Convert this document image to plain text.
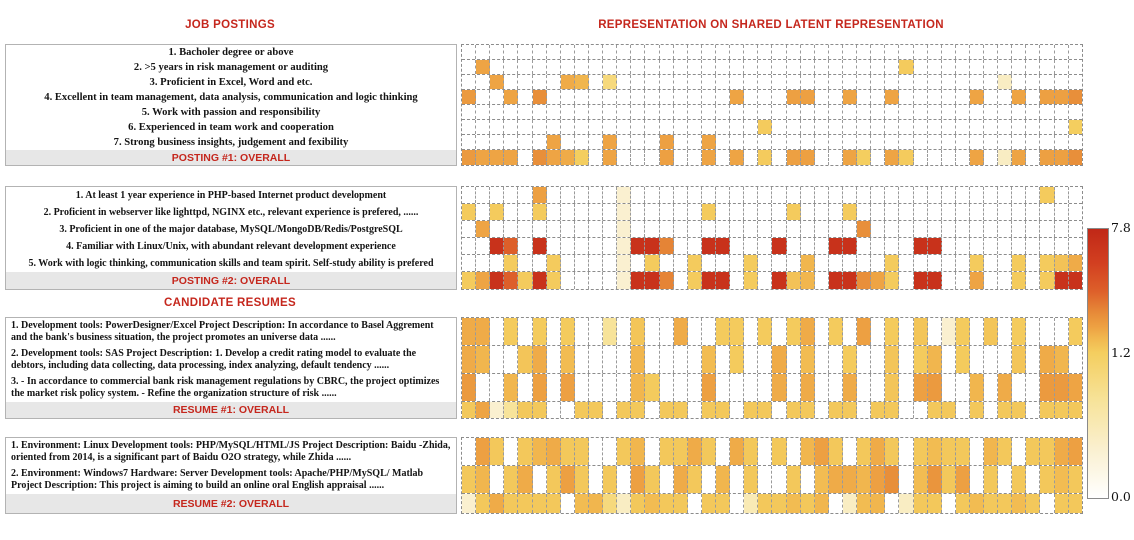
JOB POSTINGS	REPRESENTATION ON SHARED LATENT REPRESENTATION
CANDIDATE RESUMES
1. Bacholer degree or above
2. >5 years in risk management or auditing
3. Proficient in Excel, Word and etc.
4. Excellent in team management, data analysis, communication and logic thinking
5. Work with passion and responsibility
6. Experienced in team work and cooperation
7. Strong business insights, judgement and fexibility
POSTING #1: OVERALL
1. At least 1 year experience in PHP-based Internet product development
2. Proficient in webserver like lighttpd, NGINX etc., relevant experience is prefered, ......
3. Proficient in one of the major database, MySQL/MongoDB/Redis/PostgreSQL
4. Familiar with Linux/Unix, with abundant relevant development experience
5. Work with logic thinking, communication skills and team spirit. Self-study ability is prefered
POSTING #2: OVERALL
1. Development tools: PowerDesigner/Excel Project Description: In accordance to Basel Aggrement and the bank's business situation, the project promotes an universe data ......
2. Development tools: SAS Project Description: 1. Develop a credit rating model to evaluate the debtors, including data collecting, data processing, index analyzing, default tendency ......
3. - In accordance to commercial bank risk management regulations by CBRC, the project optimizes the market risk policy system. - Refine the organization structure of risk ......
RESUME #1: OVERALL
1. Environment: Linux Development tools: PHP/MySQL/HTML/JS Project Description: Baidu -Zhida, oriented from 2014, is a significant part of Baidu O2O strategy, while Zhida ......
2. Environment: Windows7 Hardware: Server Development tools: Apache/PHP/MySQL/ Matlab Project Description: This project is aiming to build an online oral English appraisal ......
RESUME #2: OVERALL
7.8
1.2
0.0
